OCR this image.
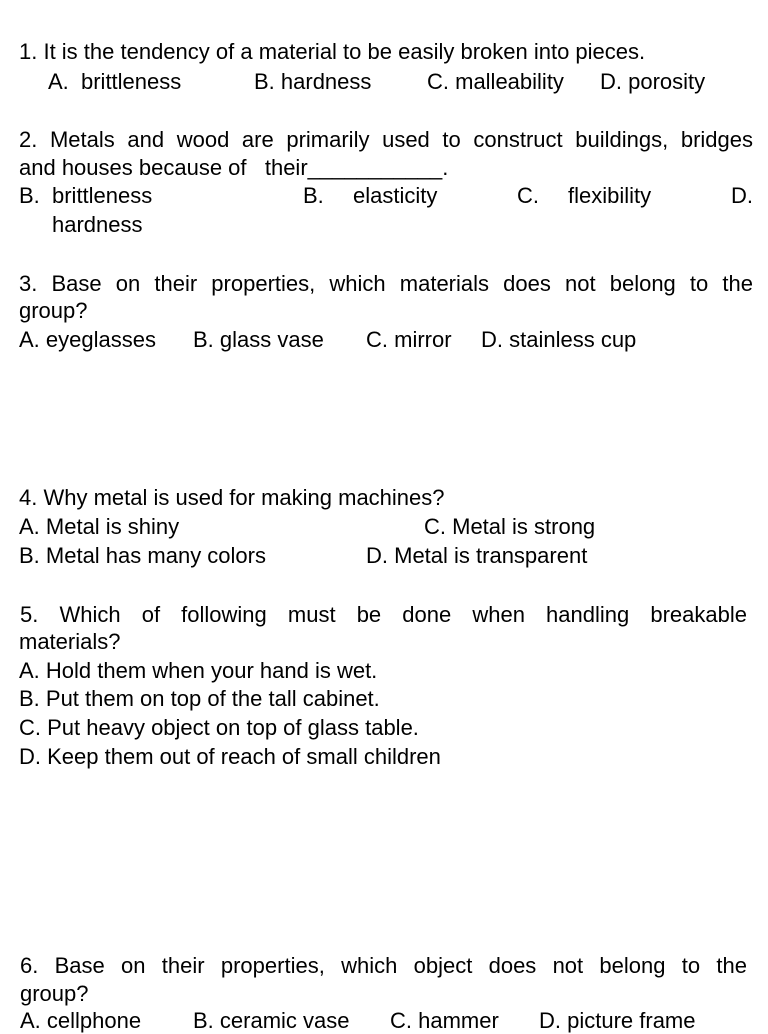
1. It is the tendency of a material to be easily broken into pieces.
A. brittleness	B. hardness	C. malleability D. porosity
2. Metals and wood are primarily used to construct buildings, bridges
and houses because of   their___________.
B. brittleness	B. elasticity	C. flexibility	D.
hardness
3. Base on their properties, which materials does not belong to the
group?
A. eyeglasses B. glass vase C. mirror D. stainless cup
4. Why metal is used for making machines?
A. Metal is shiny	C. Metal is strong
B. Metal has many colors	D. Metal is transparent
5. Which of following must be done when handling breakable
materials?
A. Hold them when your hand is wet.
B. Put them on top of the tall cabinet.
C. Put heavy object on top of glass table.
D. Keep them out of reach of small children
6. Base on their properties, which object does not belong to the
group?
A. cellphone B. ceramic vase C. hammer D. picture frame
